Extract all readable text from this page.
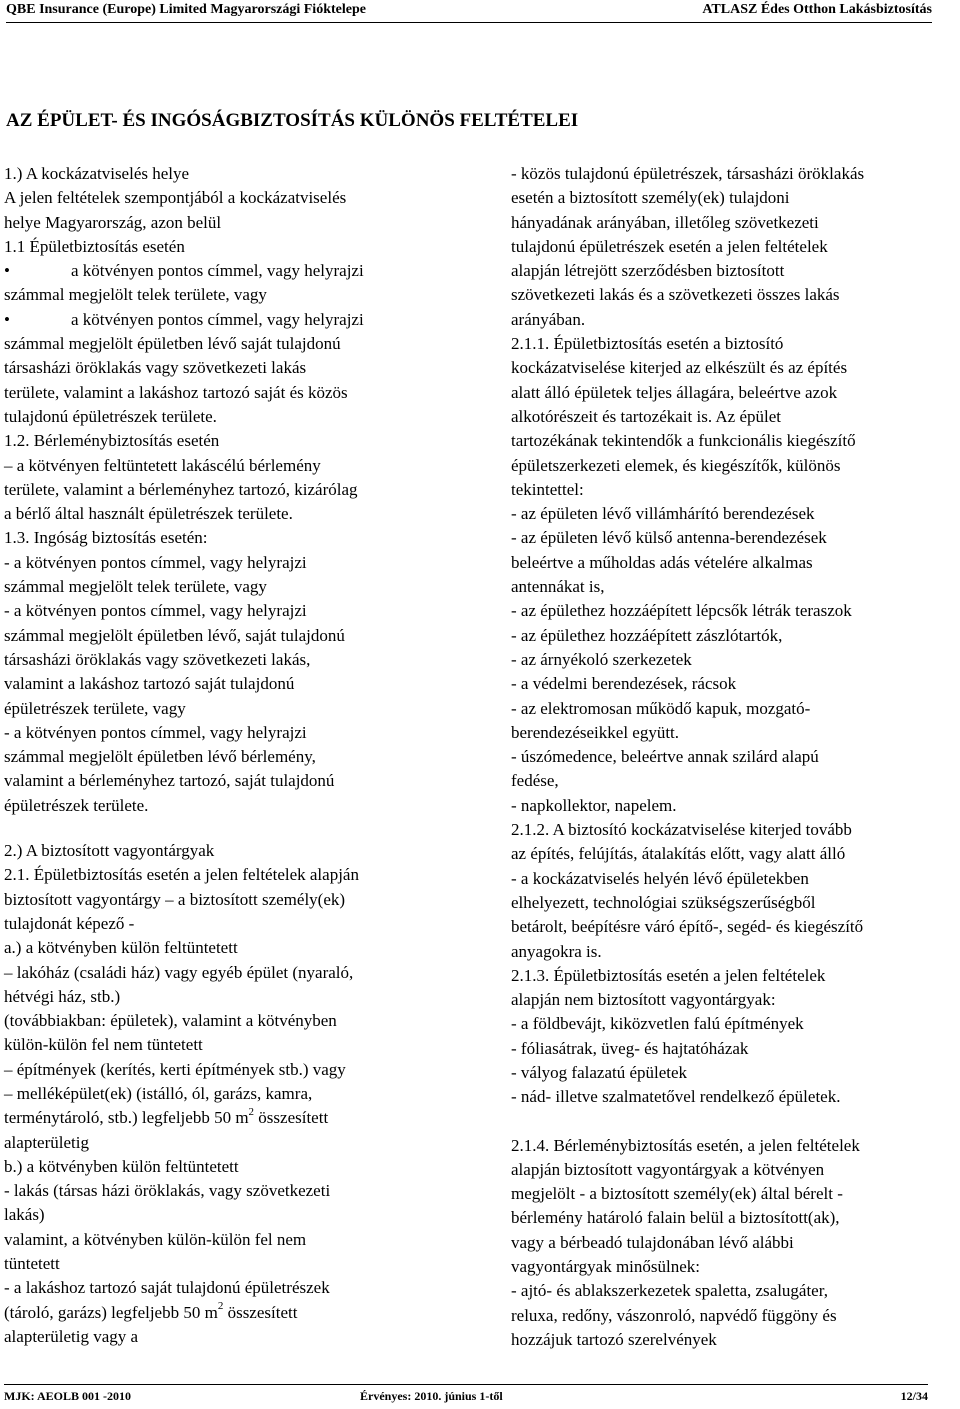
QBE Insurance (Europe) Limited Magyarországi Fióktelepe	ATLASZ Édes Otthon Lakásbiztosítás
AZ ÉPÜLET- ÉS INGÓSÁGBIZTOSÍTÁS KÜLÖNÖS FELTÉTELEI

1.) A kockázatviselés helye

A jelen feltételek szempontjából a kockázatviselés

helye Magyarország, azon belül

1.1 Épületbiztosítás esetén

•	a kötvényen pontos címmel, vagy helyrajzi

számmal megjelölt telek területe, vagy

•	a kötvényen pontos címmel, vagy helyrajzi

számmal megjelölt épületben lévő saját tulajdonú

társasházi öröklakás vagy szövetkezeti lakás

területe, valamint a lakáshoz tartozó saját és közös

tulajdonú épületrészek területe.

1.2. Bérleménybiztosítás esetén

– a kötvényen feltüntetett lakáscélú bérlemény

területe, valamint a bérleményhez tartozó, kizárólag

a bérlő által használt épületrészek területe.

1.3. Ingóság biztosítás esetén:

- a kötvényen pontos címmel, vagy helyrajzi

számmal megjelölt telek területe, vagy

- a kötvényen pontos címmel, vagy helyrajzi

számmal megjelölt épületben lévő, saját tulajdonú

társasházi öröklakás vagy szövetkezeti lakás,

valamint a lakáshoz tartozó saját tulajdonú

épületrészek területe, vagy

- a kötvényen pontos címmel, vagy helyrajzi

számmal megjelölt épületben lévő bérlemény,

valamint a bérleményhez tartozó, saját tulajdonú

épületrészek területe.

2.) A biztosított vagyontárgyak

2.1. Épületbiztosítás esetén a jelen feltételek alapján

biztosított vagyontárgy – a biztosított személy(ek)

tulajdonát képező -

a.) a kötvényben külön feltüntetett

– lakóház (családi ház) vagy egyéb épület (nyaraló,

hétvégi ház, stb.)

(továbbiakban: épületek), valamint a kötvényben

külön-külön fel nem tüntetett

– építmények (kerítés, kerti építmények stb.) vagy

– melléképület(ek) (istálló, ól, garázs, kamra,

terménytároló, stb.) legfeljebb 50 $m^2$ összesített

alapterületig

b.) a kötvényben külön feltüntetett

- lakás (társas házi öröklakás, vagy szövetkezeti

lakás)

valamint, a kötvényben külön-külön fel nem

tüntetett

- a lakáshoz tartozó saját tulajdonú épületrészek

(tároló, garázs) legfeljebb 50 $m^2$ összesített

alapterületig vagy a

- közös tulajdonú épületrészek, társasházi öröklakás

esetén a biztosított személy(ek) tulajdoni

hányadának arányában, illetőleg szövetkezeti

tulajdonú épületrészek esetén a jelen feltételek

alapján létrejött szerződésben biztosított

szövetkezeti lakás és a szövetkezeti összes lakás

arányában.

2.1.1. Épületbiztosítás esetén a biztosító

kockázatviselése kiterjed az elkészült és az építés

alatt álló épületek teljes állagára, beleértve azok

alkotórészeit és tartozékait is. Az épület

tartozékának tekintendők a funkcionális kiegészítő

épületszerkezeti elemek, és kiegészítők, különös

tekintettel:

- az épületen lévő villámhárító berendezések

- az épületen lévő külső antenna-berendezések

beleértve a műholdas adás vételére alkalmas

antennákat is,

- az épülethez hozzáépített lépcsők létrák teraszok

- az épülethez hozzáépített zászlótartók,

- az árnyékoló szerkezetek

- a védelmi berendezések, rácsok

- az elektromosan működő kapuk, mozgató-

berendezéseikkel együtt.

- úszómedence, beleértve annak szilárd alapú

fedése,

- napkollektor, napelem.

2.1.2. A biztosító kockázatviselése kiterjed tovább

az építés, felújítás, átalakítás előtt, vagy alatt álló

- a kockázatviselés helyén lévő épületekben

elhelyezett, technológiai szükségszerűségből

betárolt, beépítésre váró építő-, segéd- és kiegészítő

anyagokra is.

2.1.3. Épületbiztosítás esetén a jelen feltételek

alapján nem biztosított vagyontárgyak:

- a földbevájt, kiközvetlen falú építmények

- fóliasátrak, üveg- és hajtatóházak

- vályog falazatú épületek

- nád- illetve szalmatetővel rendelkező épületek.

2.1.4. Bérleménybiztosítás esetén, a jelen feltételek

alapján biztosított vagyontárgyak a kötvényen

megjelölt - a biztosított személy(ek) által bérelt -

bérlemény határoló falain belül a biztosított(ak),

vagy a bérbeadó tulajdonában lévő alábbi

vagyontárgyak minősülnek:

- ajtó- és ablakszerkezetek spaletta, zsalugáter,

reluxa, redőny, vászonroló, napvédő függöny és

hozzájuk tartozó szerelvények

MJK: AEOLB 001 -2010	Érvényes: 2010. június 1-től	12/34
